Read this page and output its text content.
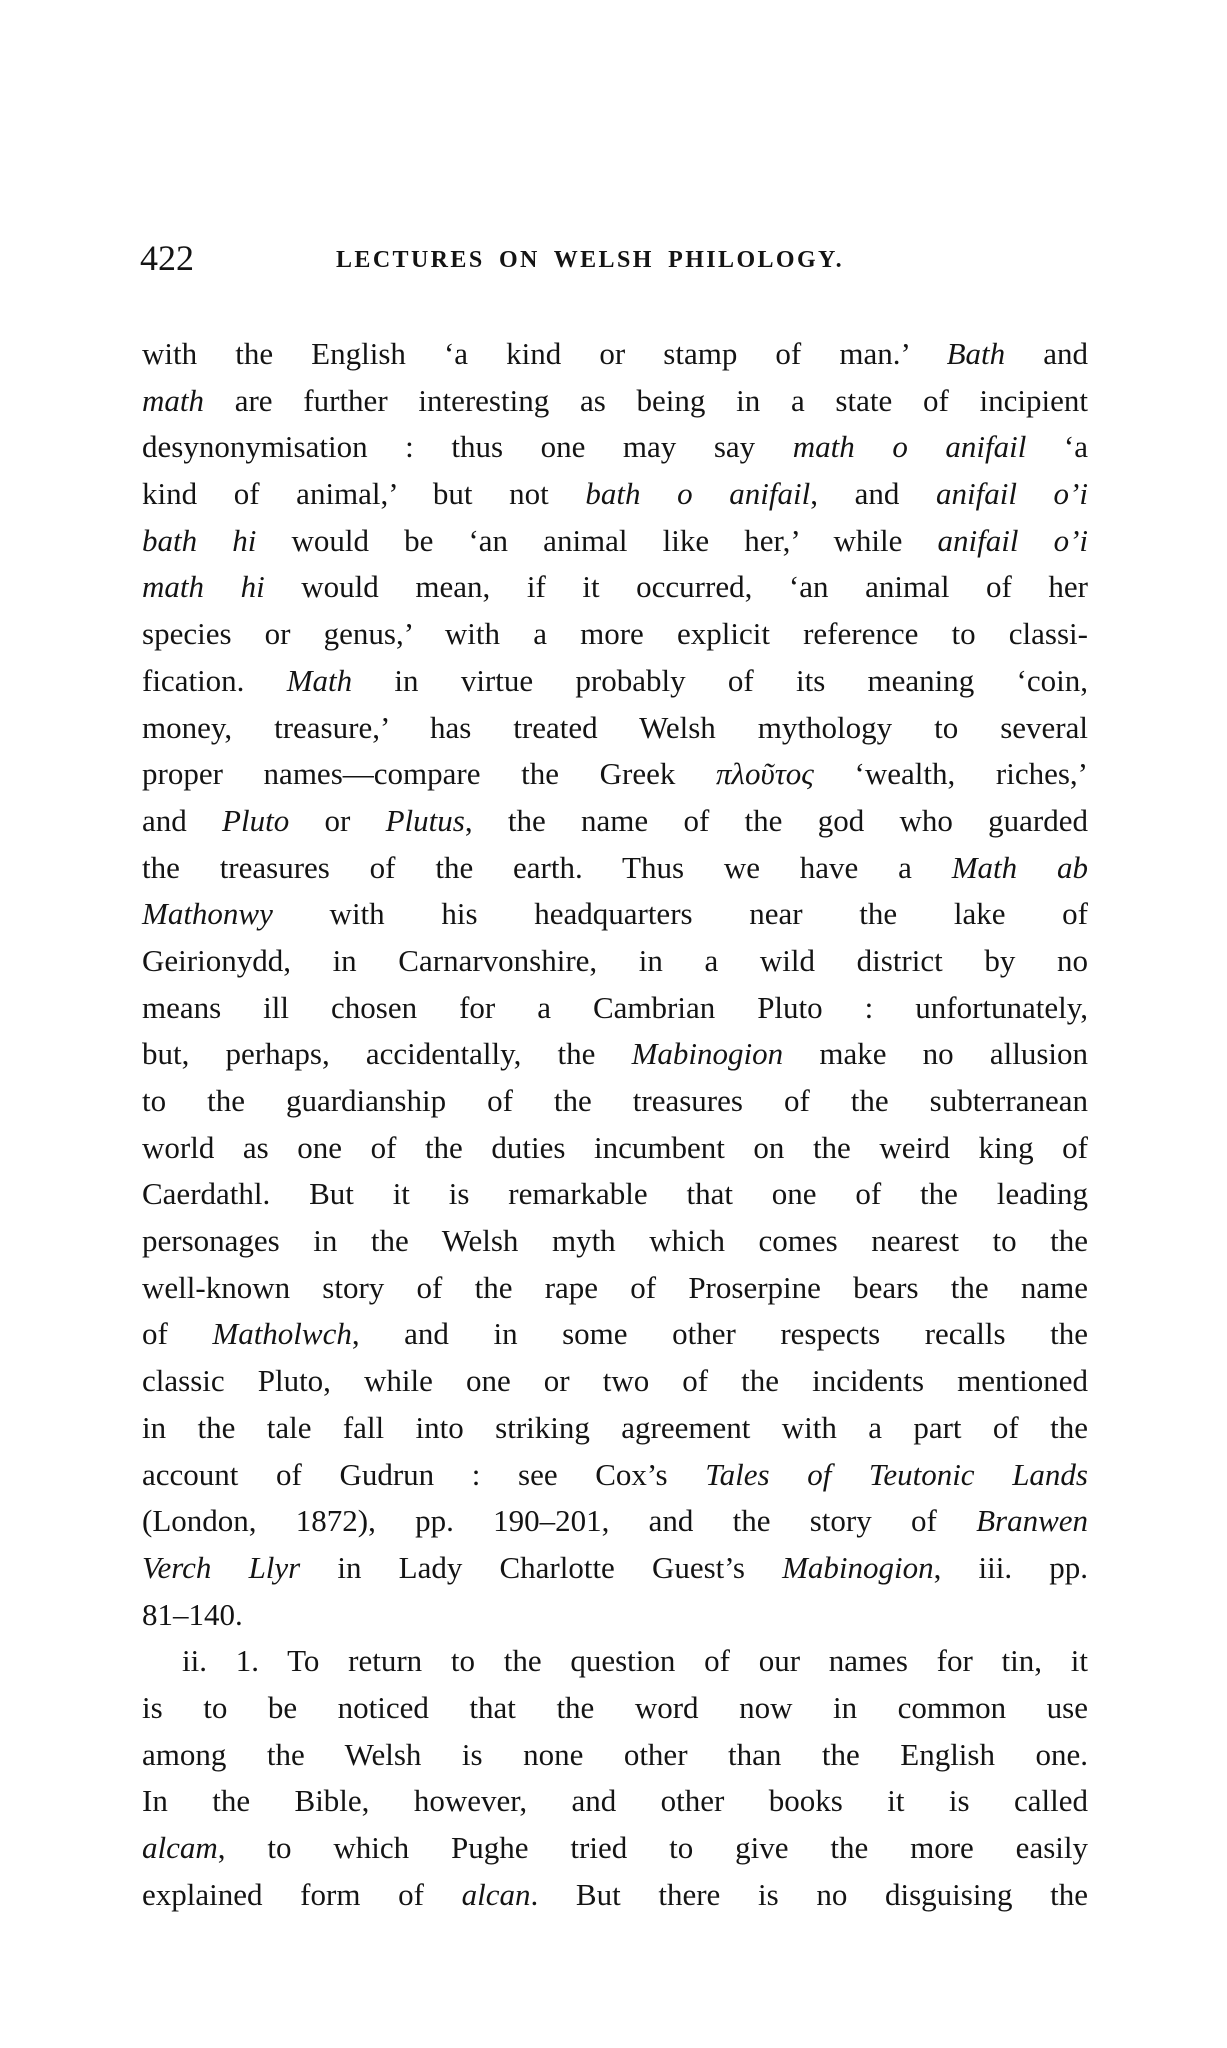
422	LECTURES ON WELSH PHILOLOGY.
with the English ‘a kind or stamp of man.’ Bath and
math are further interesting as being in a state of incipient
desynonymisation : thus one may say math o anifail ‘a
kind of animal,’ but not bath o anifail, and anifail o’i
bath hi would be ‘an animal like her,’ while anifail o’i
math hi would mean, if it occurred, ‘an animal of her
species or genus,’ with a more explicit reference to classi-
fication. Math in virtue probably of its meaning ‘coin,
money, treasure,’ has treated Welsh mythology to several
proper names—compare the Greek πλοῦτος ‘wealth, riches,’
and Pluto or Plutus, the name of the god who guarded
the treasures of the earth. Thus we have a Math ab
Mathonwy with his headquarters near the lake of
Geirionydd, in Carnarvonshire, in a wild district by no
means ill chosen for a Cambrian Pluto : unfortunately,
but, perhaps, accidentally, the Mabinogion make no allusion
to the guardianship of the treasures of the subterranean
world as one of the duties incumbent on the weird king of
Caerdathl. But it is remarkable that one of the leading
personages in the Welsh myth which comes nearest to the
well-known story of the rape of Proserpine bears the name
of Matholwch, and in some other respects recalls the
classic Pluto, while one or two of the incidents mentioned
in the tale fall into striking agreement with a part of the
account of Gudrun : see Cox’s Tales of Teutonic Lands
(London, 1872), pp. 190–201, and the story of Branwen
Verch Llyr in Lady Charlotte Guest’s Mabinogion, iii. pp.
81–140.
ii. 1. To return to the question of our names for tin, it
is to be noticed that the word now in common use
among the Welsh is none other than the English one.
In the Bible, however, and other books it is called
alcam, to which Pughe tried to give the more easily
explained form of alcan. But there is no disguising the
